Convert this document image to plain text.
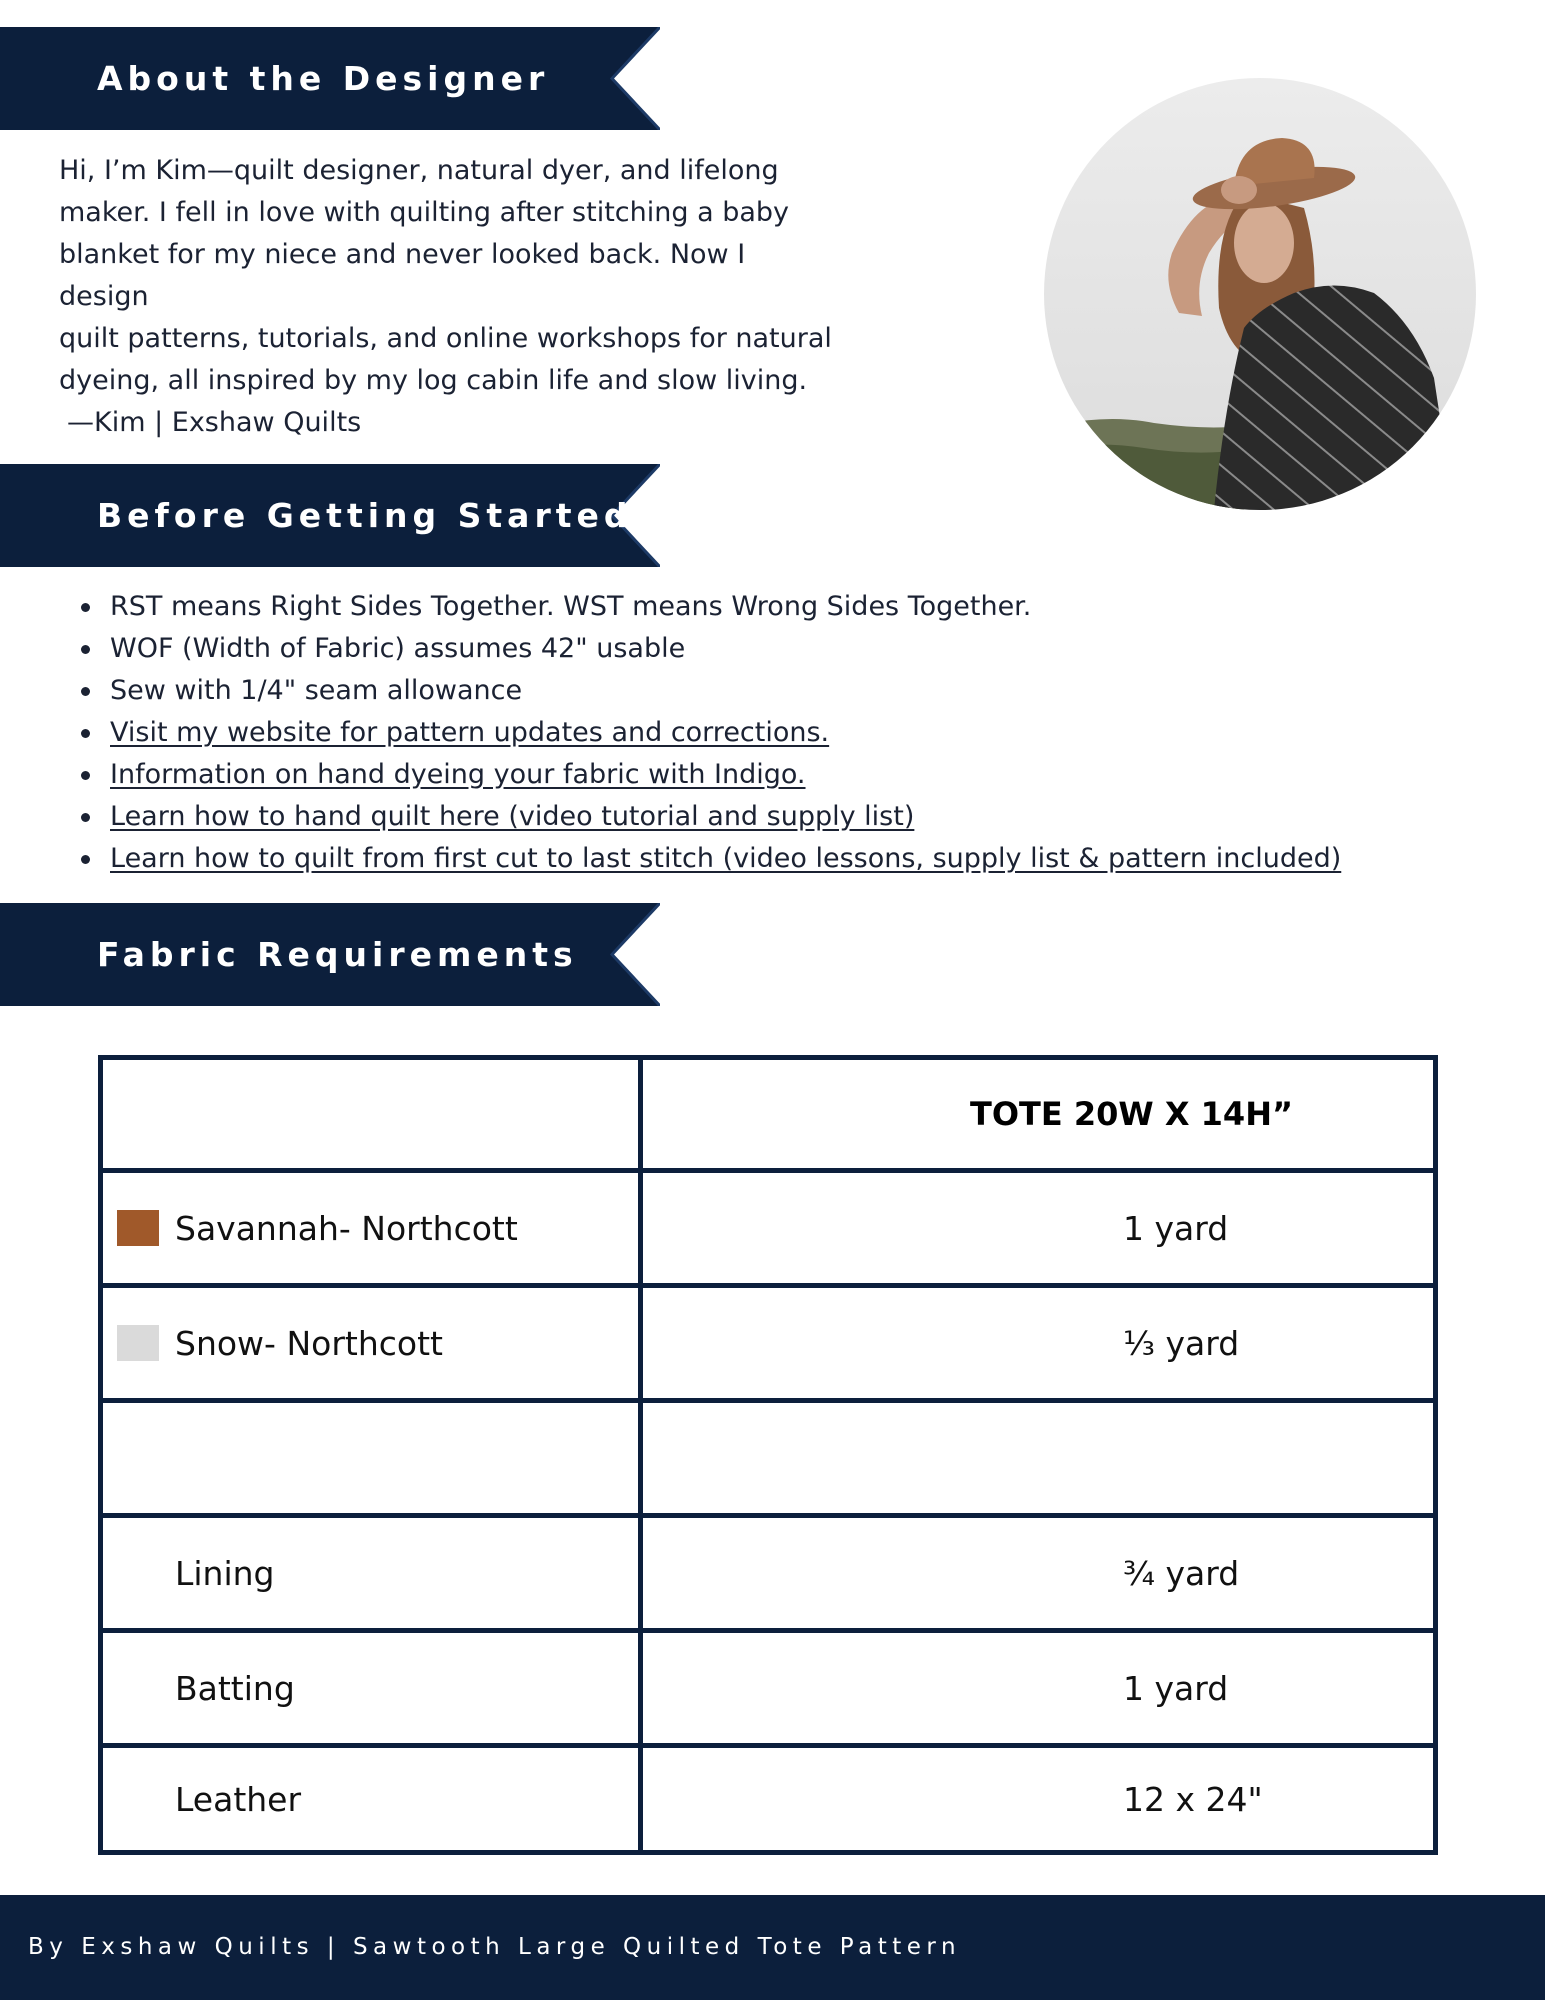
About the Designer
Hi, I’m Kim—quilt designer, natural dyer, and lifelong
maker. I fell in love with quilting after stitching a baby
blanket for my niece and never looked back. Now I design
quilt patterns, tutorials, and online workshops for natural
dyeing, all inspired by my log cabin life and slow living.
—Kim | Exshaw Quilts
Before Getting Started
RST means Right Sides Together. WST means Wrong Sides Together.
WOF (Width of Fabric) assumes 42" usable
Sew with 1/4" seam allowance
Visit my website for pattern updates and corrections.
Information on hand dyeing your fabric with Indigo.
Learn how to hand quilt here (video tutorial and supply list)
Learn how to quilt from first cut to last stitch (video lessons, supply list & pattern included)
Fabric Requirements
	TOTE 20W X 14H”

Savannah- Northcott	1 yard

Snow- Northcott	⅓ yard

Lining	¾ yard

Batting	1 yard

Leather	12 x 24"
By Exshaw Quilts | Sawtooth Large Quilted Tote Pattern
